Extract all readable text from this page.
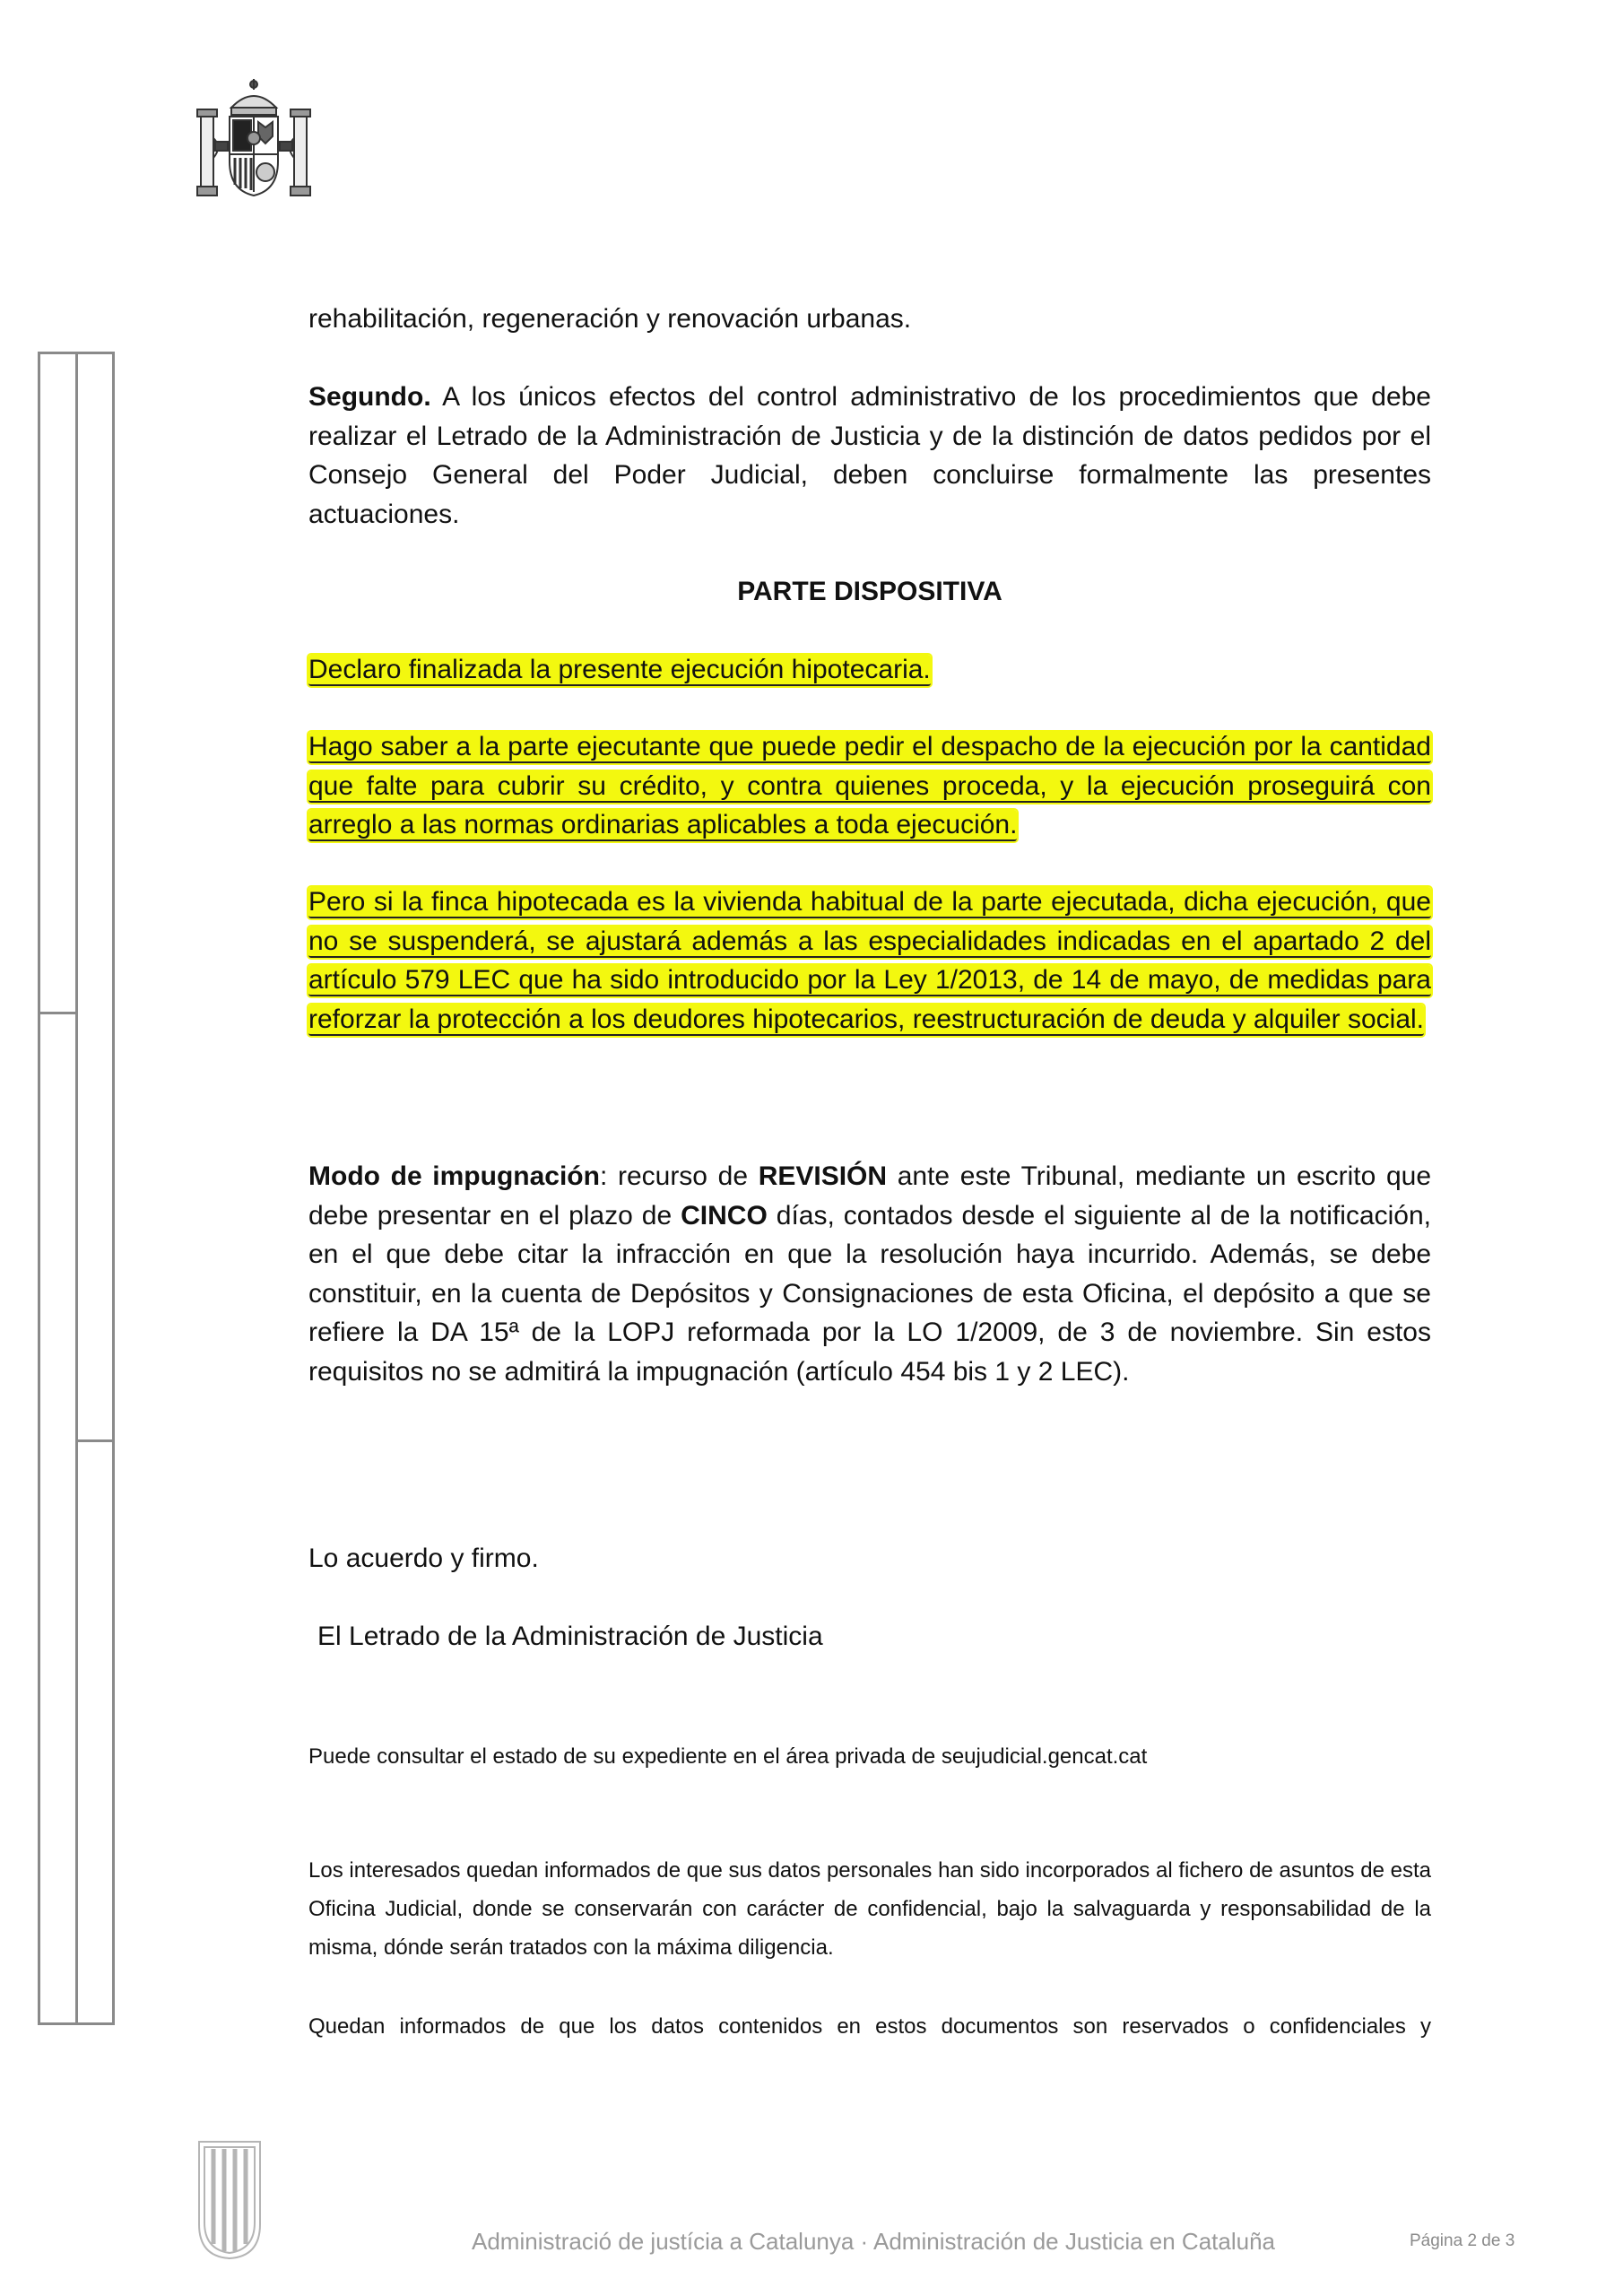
rehabilitación, regeneración y renovación urbanas.
Segundo. A los únicos efectos del control administrativo de los procedimientos que debe realizar el Letrado de la Administración de Justicia y de la distinción de datos pedidos por el Consejo General del Poder Judicial, deben concluirse formalmente las presentes actuaciones.
PARTE DISPOSITIVA
Declaro finalizada la presente ejecución hipotecaria.
Hago saber a la parte ejecutante que puede pedir el despacho de la ejecución por la cantidad que falte para cubrir su crédito, y contra quienes proceda, y la ejecución proseguirá con arreglo a las normas ordinarias aplicables a toda ejecución.
Pero si la finca hipotecada es la vivienda habitual de la parte ejecutada, dicha ejecución, que no se suspenderá, se ajustará además a las especialidades indicadas en el apartado 2 del artículo 579 LEC que ha sido introducido por la Ley 1/2013, de 14 de mayo, de medidas para reforzar la protección a los deudores hipotecarios, reestructuración de deuda y alquiler social.
Modo de impugnación: recurso de REVISIÓN ante este Tribunal, mediante un escrito que debe presentar en el plazo de CINCO días, contados desde el siguiente al de la notificación, en el que debe citar la infracción en que la resolución haya incurrido. Además, se debe constituir, en la cuenta de Depósitos y Consignaciones de esta Oficina, el depósito a que se refiere la DA 15ª de la LOPJ reformada por la LO 1/2009, de 3 de noviembre. Sin estos requisitos no se admitirá la impugnación (artículo 454 bis 1 y 2 LEC).
Lo acuerdo y firmo.
El Letrado de la Administración de Justicia
Puede consultar el estado de su expediente en el área privada de seujudicial.gencat.cat
Los interesados quedan informados de que sus datos personales han sido incorporados al fichero de asuntos de esta Oficina Judicial, donde se conservarán con carácter de confidencial, bajo la salvaguarda y responsabilidad de la misma, dónde serán tratados con la máxima diligencia.
Quedan informados de que los datos contenidos en estos documentos son reservados o confidenciales y
Administració de justícia a Catalunya · Administración de Justicia en Cataluña	Página 2 de 3
